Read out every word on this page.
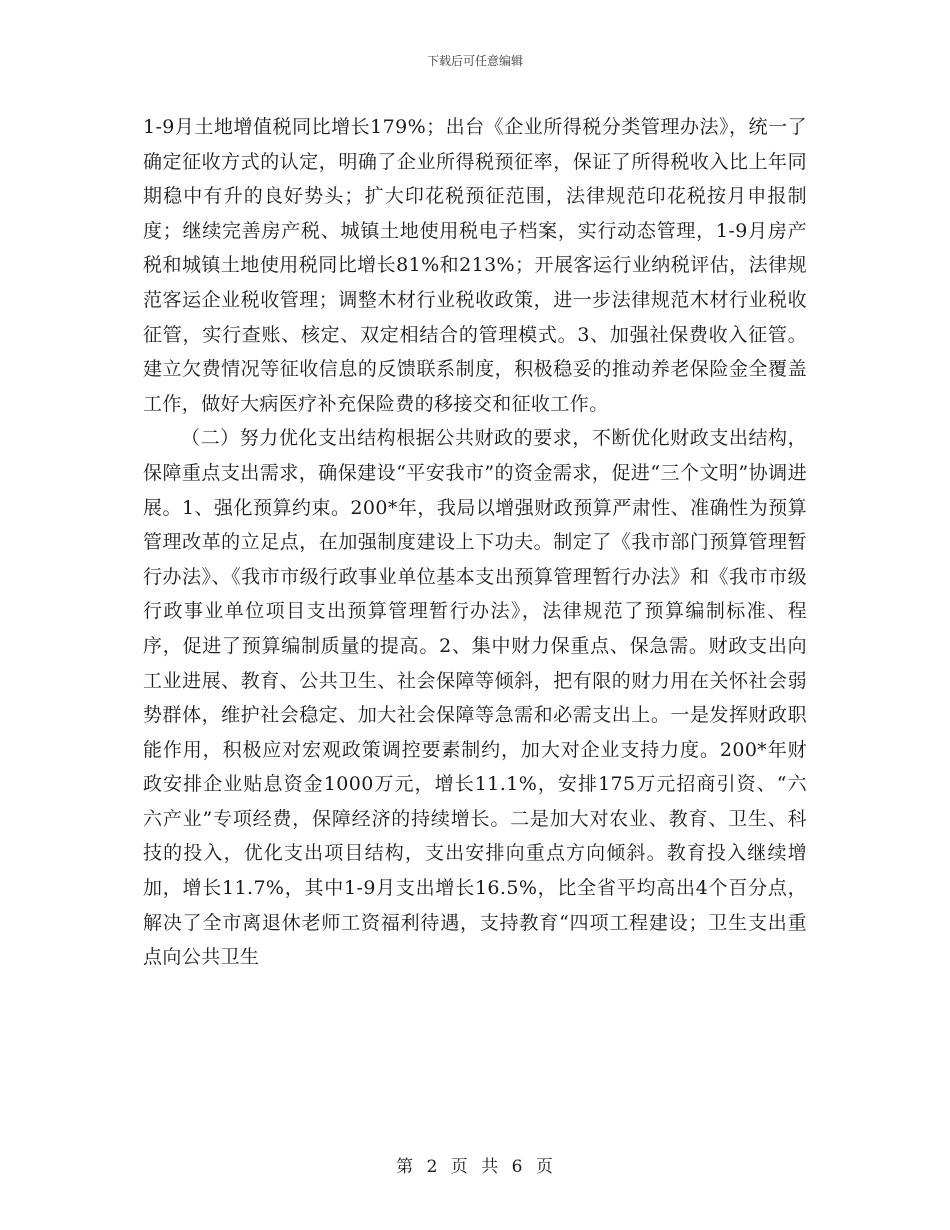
下载后可任意编辑

1-9月土地增值税同比增长179%；出台《企业所得税分类管理办法》，统一了确定征收方式的认定，明确了企业所得税预征率，保证了所得税收入比上年同期稳中有升的良好势头；扩大印花税预征范围，法律规范印花税按月申报制度；继续完善房产税、城镇土地使用税电子档案，实行动态管理，1-9月房产税和城镇土地使用税同比增长81%和213%；开展客运行业纳税评估，法律规范客运企业税收管理；调整木材行业税收政策，进一步法律规范木材行业税收征管，实行查账、核定、双定相结合的管理模式。3、加强社保费收入征管。建立欠费情况等征收信息的反馈联系制度，积极稳妥的推动养老保险金全覆盖工作，做好大病医疗补充保险费的移接交和征收工作。

（二）努力优化支出结构根据公共财政的要求，不断优化财政支出结构，保障重点支出需求，确保建设“平安我市”的资金需求，促进“三个文明”协调进展。1、强化预算约束。200*年，我局以增强财政预算严肃性、准确性为预算管理改革的立足点，在加强制度建设上下功夫。制定了《我市部门预算管理暂行办法》、《我市市级行政事业单位基本支出预算管理暂行办法》和《我市市级行政事业单位项目支出预算管理暂行办法》，法律规范了预算编制标准、程序，促进了预算编制质量的提高。2、集中财力保重点、保急需。财政支出向工业进展、教育、公共卫生、社会保障等倾斜，把有限的财力用在关怀社会弱势群体，维护社会稳定、加大社会保障等急需和必需支出上。一是发挥财政职能作用，积极应对宏观政策调控要素制约，加大对企业支持力度。200*年财政安排企业贴息资金1000万元，增长11.1%，安排175万元招商引资、“六六产业”专项经费，保障经济的持续增长。二是加大对农业、教育、卫生、科技的投入，优化支出项目结构，支出安排向重点方向倾斜。教育投入继续增加，增长11.7%，其中1-9月支出增长16.5%，比全省平均高出4个百分点，解决了全市离退休老师工资福利待遇，支持教育“四项工程建设；卫生支出重点向公共卫生

第 2 页 共 6 页
